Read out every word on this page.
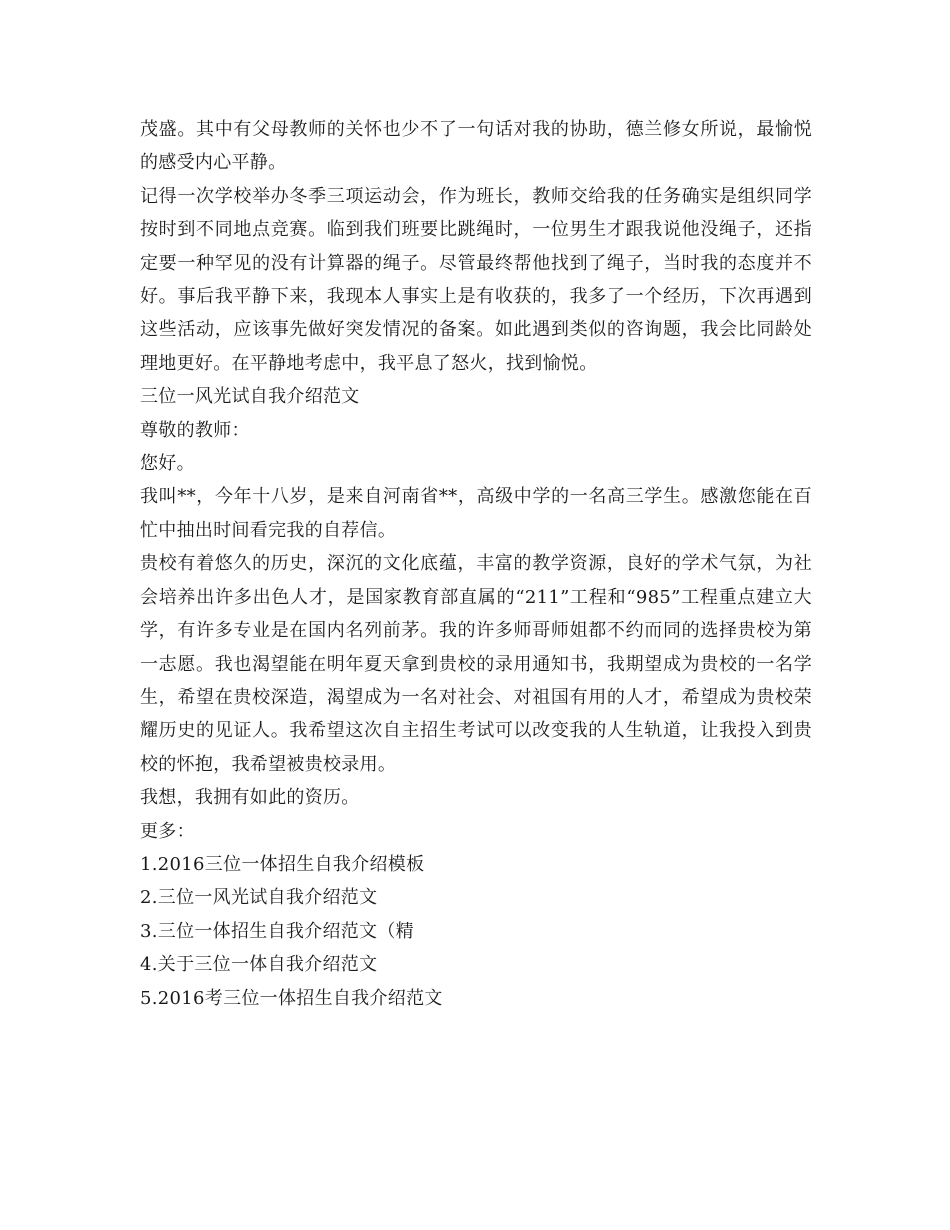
茂盛。其中有父母教师的关怀也少不了一句话对我的协助，德兰修女所说，最愉悦的感受内心平静。

记得一次学校举办冬季三项运动会，作为班长，教师交给我的任务确实是组织同学按时到不同地点竞赛。临到我们班要比跳绳时，一位男生才跟我说他没绳子，还指定要一种罕见的没有计算器的绳子。尽管最终帮他找到了绳子，当时我的态度并不好。事后我平静下来，我现本人事实上是有收获的，我多了一个经历，下次再遇到这些活动，应该事先做好突发情况的备案。如此遇到类似的咨询题，我会比同龄处理地更好。在平静地考虑中，我平息了怒火，找到愉悦。

三位一风光试自我介绍范文

尊敬的教师：

您好。

我叫**，今年十八岁，是来自河南省**，高级中学的一名高三学生。感激您能在百忙中抽出时间看完我的自荐信。

贵校有着悠久的历史，深沉的文化底蕴，丰富的教学资源，良好的学术气氛，为社会培养出许多出色人才，是国家教育部直属的“211”工程和“985”工程重点建立大学，有许多专业是在国内名列前茅。我的许多师哥师姐都不约而同的选择贵校为第一志愿。我也渴望能在明年夏天拿到贵校的录用通知书，我期望成为贵校的一名学生，希望在贵校深造，渴望成为一名对社会、对祖国有用的人才，希望成为贵校荣耀历史的见证人。我希望这次自主招生考试可以改变我的人生轨道，让我投入到贵校的怀抱，我希望被贵校录用。

我想，我拥有如此的资历。

更多：

1.2016三位一体招生自我介绍模板
2.三位一风光试自我介绍范文
3.三位一体招生自我介绍范文（精
4.关于三位一体自我介绍范文
5.2016考三位一体招生自我介绍范文
